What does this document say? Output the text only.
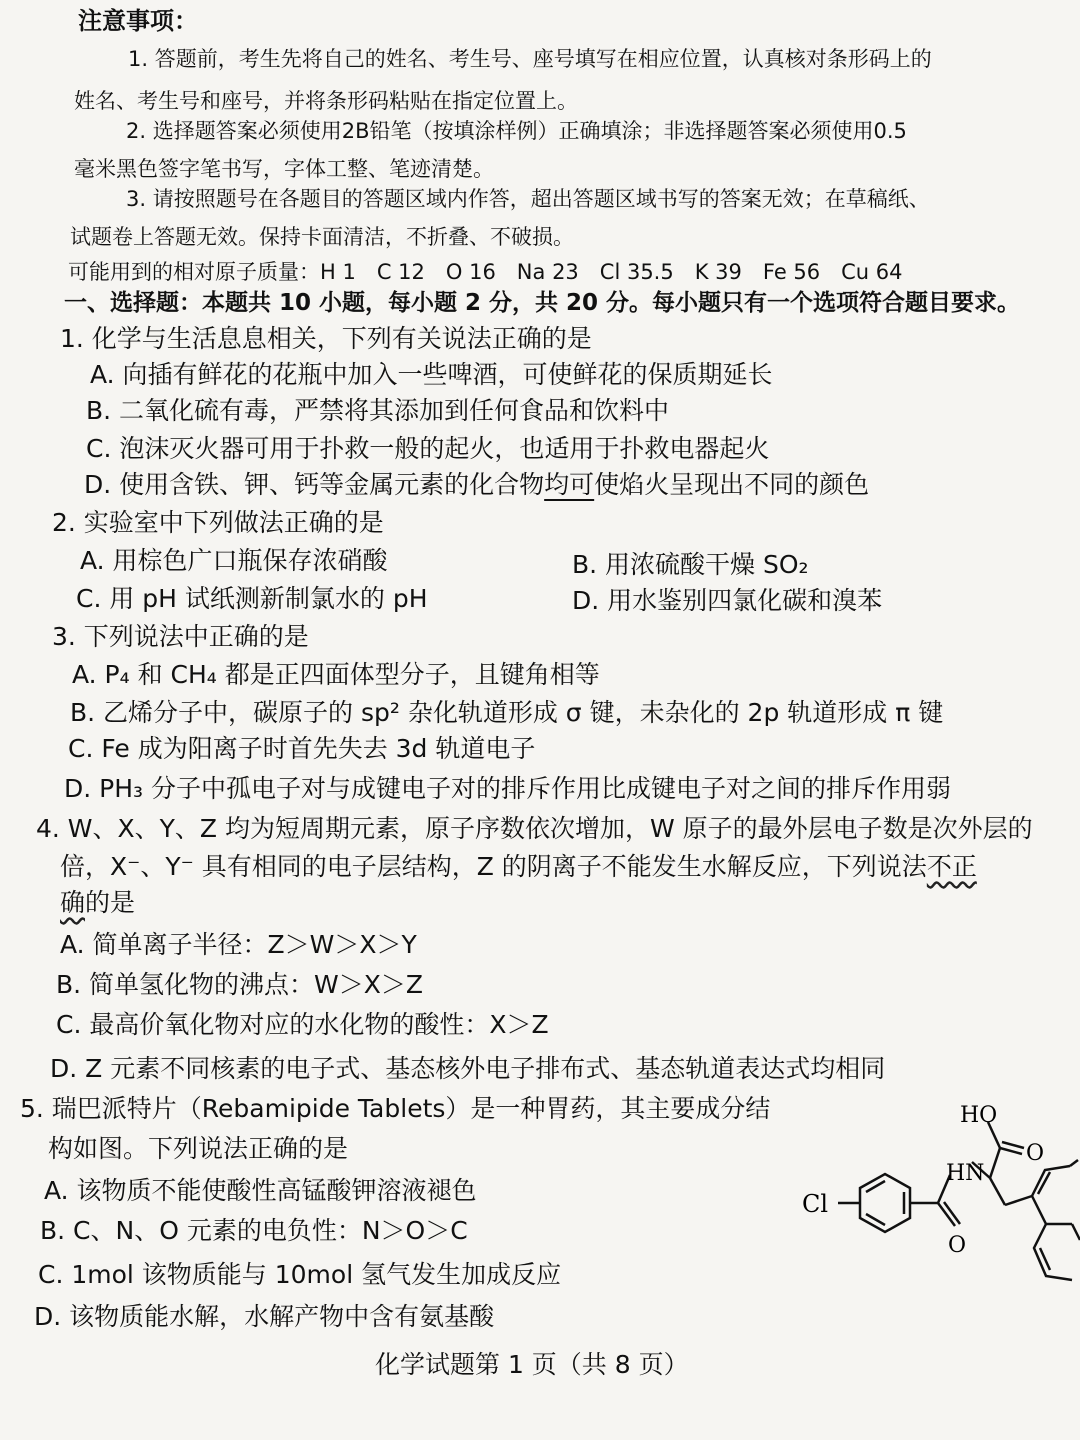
注意事项：
1. 答题前，考生先将自己的姓名、考生号、座号填写在相应位置，认真核对条形码上的
姓名、考生号和座号，并将条形码粘贴在指定位置上。
2. 选择题答案必须使用2B铅笔（按填涂样例）正确填涂；非选择题答案必须使用0.5
毫米黑色签字笔书写，字体工整、笔迹清楚。
3. 请按照题号在各题目的答题区域内作答，超出答题区域书写的答案无效；在草稿纸、
试题卷上答题无效。保持卡面清洁，不折叠、不破损。
可能用到的相对原子质量：H 1　C 12　O 16　Na 23　Cl 35.5　K 39　Fe 56　Cu 64
一、选择题：本题共 10 小题，每小题 2 分，共 20 分。每小题只有一个选项符合题目要求。
1. 化学与生活息息相关，下列有关说法正确的是
A. 向插有鲜花的花瓶中加入一些啤酒，可使鲜花的保质期延长
B. 二氧化硫有毒，严禁将其添加到任何食品和饮料中
C. 泡沫灭火器可用于扑救一般的起火，也适用于扑救电器起火
D. 使用含铁、钾、钙等金属元素的化合物均可使焰火呈现出不同的颜色
2. 实验室中下列做法正确的是
A. 用棕色广口瓶保存浓硝酸	B. 用浓硫酸干燥 SO₂
C. 用 pH 试纸测新制氯水的 pH	D. 用水鉴别四氯化碳和溴苯
3. 下列说法中正确的是
A. P₄ 和 CH₄ 都是正四面体型分子，且键角相等
B. 乙烯分子中，碳原子的 sp² 杂化轨道形成 σ 键，未杂化的 2p 轨道形成 π 键
C. Fe 成为阳离子时首先失去 3d 轨道电子
D. PH₃ 分子中孤电子对与成键电子对的排斥作用比成键电子对之间的排斥作用弱
4. W、X、Y、Z 均为短周期元素，原子序数依次增加，W 原子的最外层电子数是次外层的
倍，X⁻、Y⁻ 具有相同的电子层结构，Z 的阴离子不能发生水解反应，下列说法不正
确的是
A. 简单离子半径：Z＞W＞X＞Y
B. 简单氢化物的沸点：W＞X＞Z
C. 最高价氧化物对应的水化物的酸性：X＞Z
D. Z 元素不同核素的电子式、基态核外电子排布式、基态轨道表达式均相同
5. 瑞巴派特片（Rebamipide Tablets）是一种胃药，其主要成分结
构如图。下列说法正确的是
A. 该物质不能使酸性高锰酸钾溶液褪色
B. C、N、O 元素的电负性：N＞O＞C
C. 1mol 该物质能与 10mol 氢气发生加成反应
D. 该物质能水解，水解产物中含有氨基酸
Cl
HO
HN
O
O
化学试题第 1 页（共 8 页）
